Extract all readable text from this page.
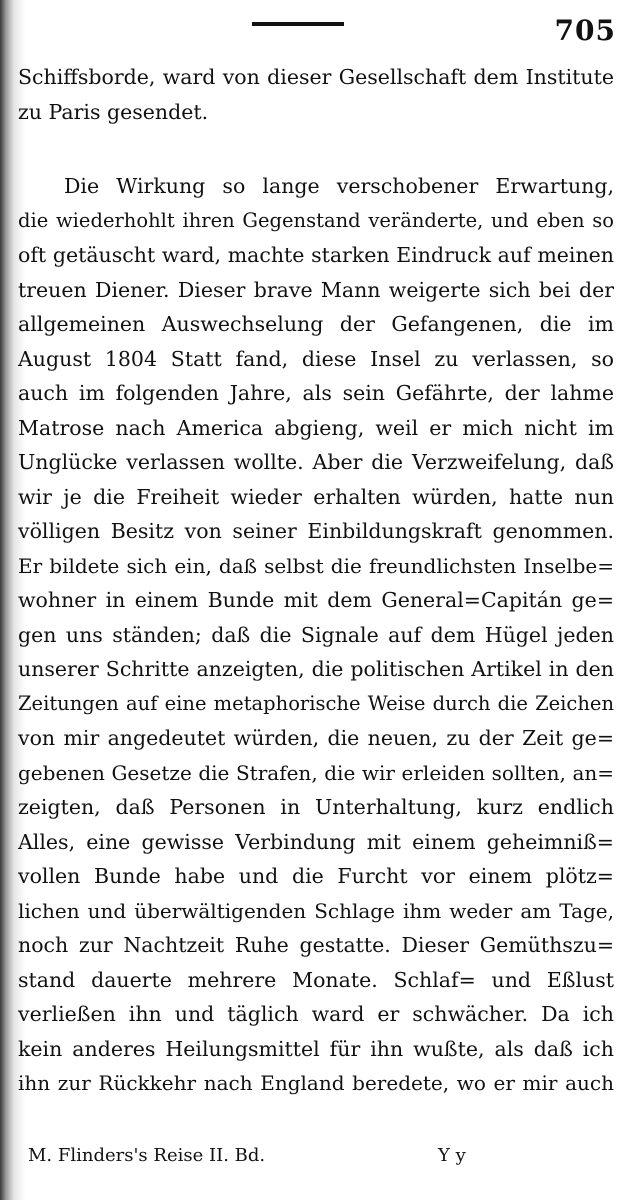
705
Schiffsborde, ward von dieser Gesellschaft dem Institute
zu Paris gesendet.
Die Wirkung so lange verschobener Erwartung,
die wiederhohlt ihren Gegenstand veränderte, und eben so
oft getäuscht ward, machte starken Eindruck auf meinen
treuen Diener. Dieser brave Mann weigerte sich bei der
allgemeinen Auswechselung der Gefangenen, die im
August 1804 Statt fand, diese Insel zu verlassen, so
auch im folgenden Jahre, als sein Gefährte, der lahme
Matrose nach America abgieng, weil er mich nicht im
Unglücke verlassen wollte. Aber die Verzweifelung, daß
wir je die Freiheit wieder erhalten würden, hatte nun
völligen Besitz von seiner Einbildungskraft genommen.
Er bildete sich ein, daß selbst die freundlichsten Inselbe=
wohner in einem Bunde mit dem General=Capitán ge=
gen uns ständen; daß die Signale auf dem Hügel jeden
unserer Schritte anzeigten, die politischen Artikel in den
Zeitungen auf eine metaphorische Weise durch die Zeichen
von mir angedeutet würden, die neuen, zu der Zeit ge=
gebenen Gesetze die Strafen, die wir erleiden sollten, an=
zeigten, daß Personen in Unterhaltung, kurz endlich
Alles, eine gewisse Verbindung mit einem geheimniß=
vollen Bunde habe und die Furcht vor einem plötz=
lichen und überwältigenden Schlage ihm weder am Tage,
noch zur Nachtzeit Ruhe gestatte. Dieser Gemüthszu=
stand dauerte mehrere Monate. Schlaf= und Eßlust
verließen ihn und täglich ward er schwächer. Da ich
kein anderes Heilungsmittel für ihn wußte, als daß ich
ihn zur Rückkehr nach England beredete, wo er mir auch
M. Flinders's Reise II. Bd.	Y y
